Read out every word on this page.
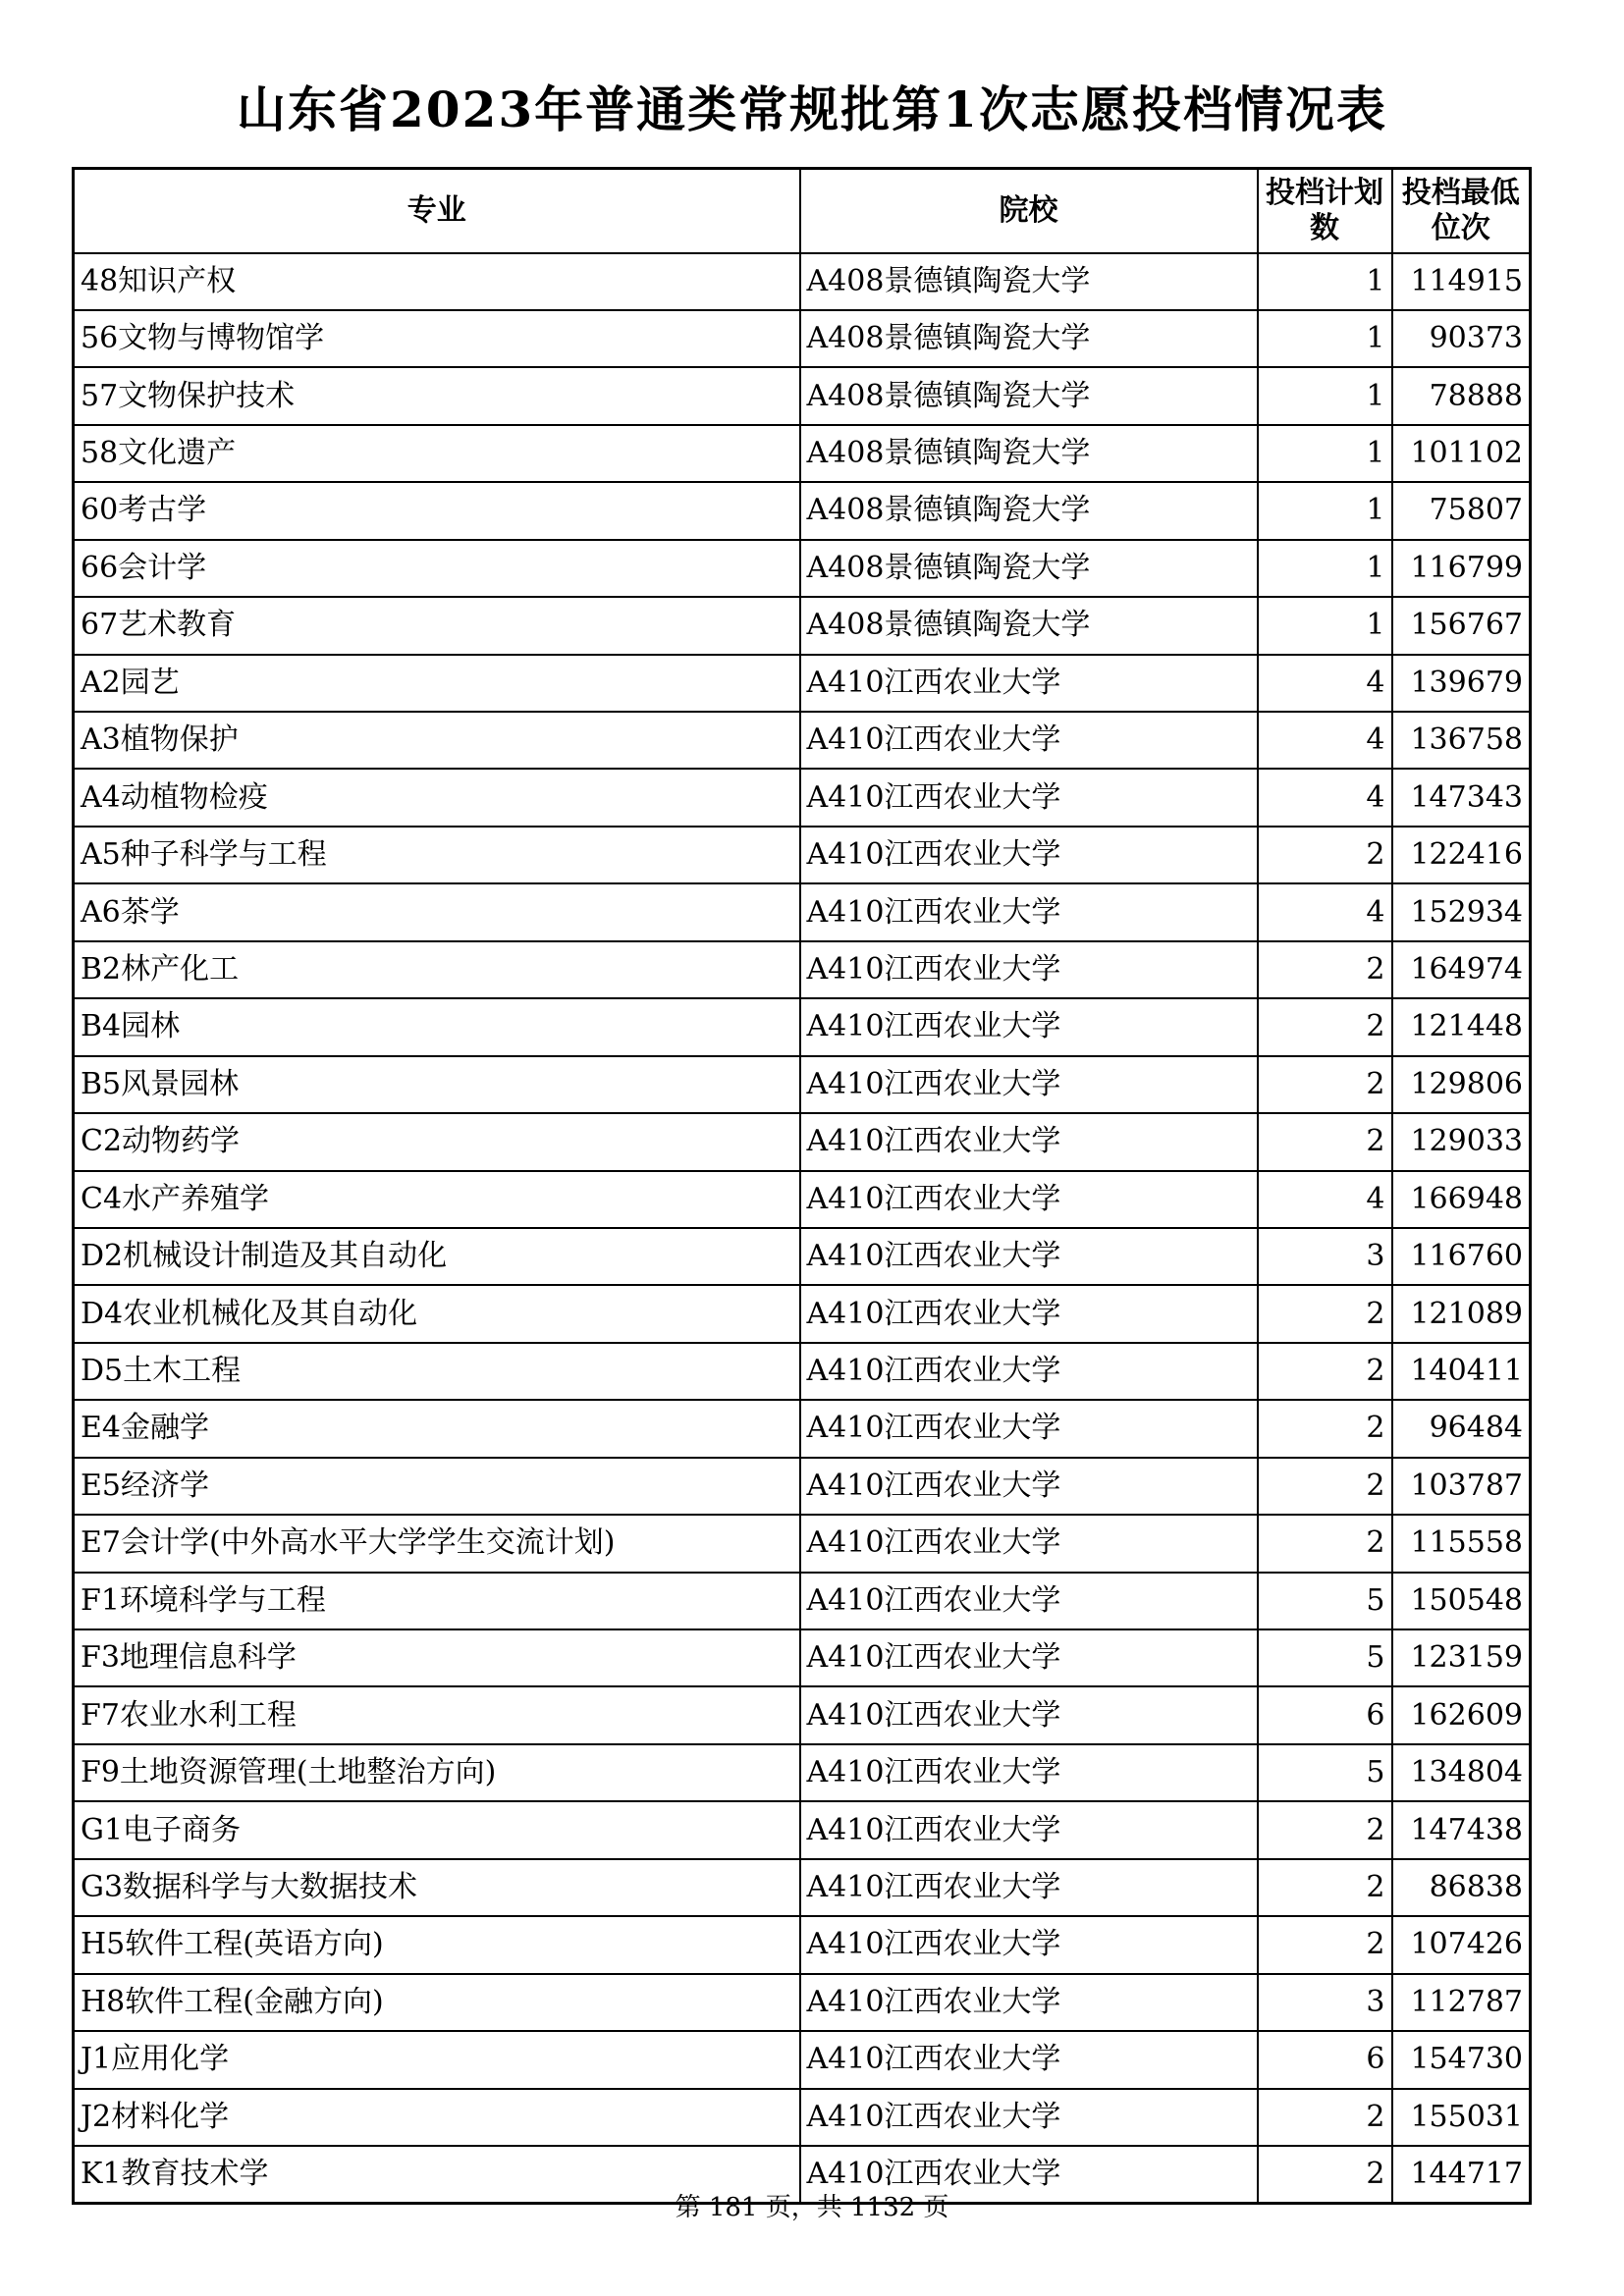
山东省2023年普通类常规批第1次志愿投档情况表
专业	院校	投档计划数	投档最低位次
48知识产权	A408景德镇陶瓷大学	1	114915
56文物与博物馆学	A408景德镇陶瓷大学	1	90373
57文物保护技术	A408景德镇陶瓷大学	1	78888
58文化遗产	A408景德镇陶瓷大学	1	101102
60考古学	A408景德镇陶瓷大学	1	75807
66会计学	A408景德镇陶瓷大学	1	116799
67艺术教育	A408景德镇陶瓷大学	1	156767
A2园艺	A410江西农业大学	4	139679
A3植物保护	A410江西农业大学	4	136758
A4动植物检疫	A410江西农业大学	4	147343
A5种子科学与工程	A410江西农业大学	2	122416
A6茶学	A410江西农业大学	4	152934
B2林产化工	A410江西农业大学	2	164974
B4园林	A410江西农业大学	2	121448
B5风景园林	A410江西农业大学	2	129806
C2动物药学	A410江西农业大学	2	129033
C4水产养殖学	A410江西农业大学	4	166948
D2机械设计制造及其自动化	A410江西农业大学	3	116760
D4农业机械化及其自动化	A410江西农业大学	2	121089
D5土木工程	A410江西农业大学	2	140411
E4金融学	A410江西农业大学	2	96484
E5经济学	A410江西农业大学	2	103787
E7会计学(中外高水平大学学生交流计划)	A410江西农业大学	2	115558
F1环境科学与工程	A410江西农业大学	5	150548
F3地理信息科学	A410江西农业大学	5	123159
F7农业水利工程	A410江西农业大学	6	162609
F9土地资源管理(土地整治方向)	A410江西农业大学	5	134804
G1电子商务	A410江西农业大学	2	147438
G3数据科学与大数据技术	A410江西农业大学	2	86838
H5软件工程(英语方向)	A410江西农业大学	2	107426
H8软件工程(金融方向)	A410江西农业大学	3	112787
J1应用化学	A410江西农业大学	6	154730
J2材料化学	A410江西农业大学	2	155031
K1教育技术学	A410江西农业大学	2	144717
第 181 页，共 1132 页
